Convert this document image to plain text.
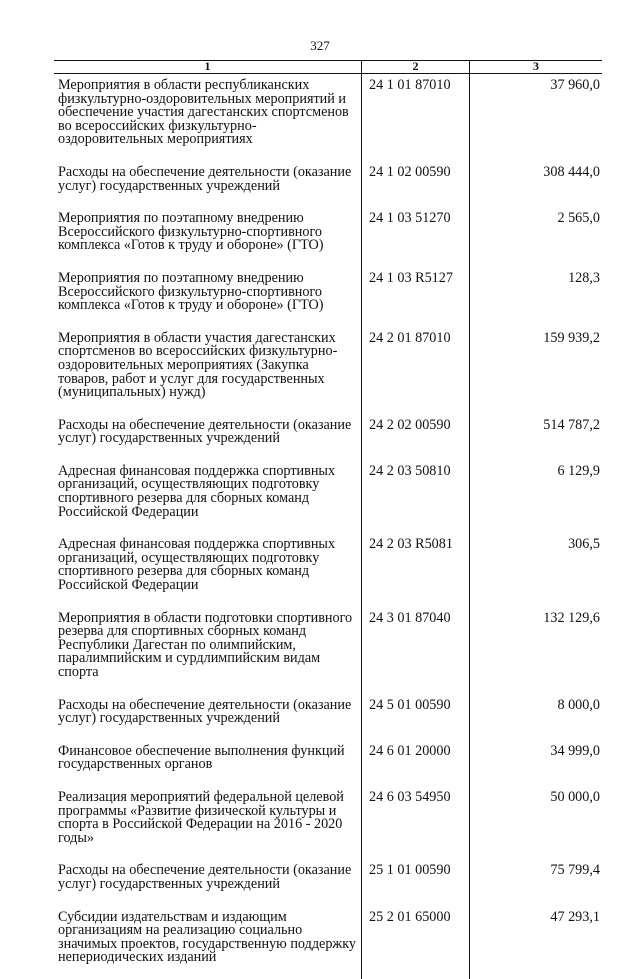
327
1	2	3
Мероприятия в области республиканских физкультурно-оздоровительных мероприятий и обеспечение участия дагестанских спортсменов во всероссийских физкультурно-оздоровительных мероприятиях
24 1 01 87010	37 960,0
Расходы на обеспечение деятельности (оказание услуг) государственных учреждений
24 1 02 00590	308 444,0
Мероприятия по поэтапному внедрению Всероссийского физкультурно-спортивного комплекса «Готов к труду и обороне» (ГТО)
24 1 03 51270	2 565,0
Мероприятия по поэтапному внедрению Всероссийского физкультурно-спортивного комплекса «Готов к труду и обороне» (ГТО)
24 1 03 R5127	128,3
Мероприятия в области участия дагестанских спортсменов во всероссийских физкультурно-оздоровительных мероприятиях (Закупка товаров, работ и услуг для государственных (муниципальных) нужд)
24 2 01 87010	159 939,2
Расходы на обеспечение деятельности (оказание услуг) государственных учреждений
24 2 02 00590	514 787,2
Адресная финансовая поддержка спортивных организаций, осуществляющих подготовку спортивного резерва для сборных команд Российской Федерации
24 2 03 50810	6 129,9
Адресная финансовая поддержка спортивных организаций, осуществляющих подготовку спортивного резерва для сборных команд Российской Федерации
24 2 03 R5081	306,5
Мероприятия в области подготовки спортивного резерва для спортивных сборных команд Республики Дагестан по олимпийским, паралимпийским и сурдлимпийским видам спорта
24 3 01 87040	132 129,6
Расходы на обеспечение деятельности (оказание услуг) государственных учреждений
24 5 01 00590	8 000,0
Финансовое обеспечение выполнения функций государственных органов
24 6 01 20000	34 999,0
Реализация мероприятий федеральной целевой программы «Развитие физической культуры и спорта в Российской Федерации на 2016 - 2020 годы»
24 6 03 54950	50 000,0
Расходы на обеспечение деятельности (оказание услуг) государственных учреждений
25 1 01 00590	75 799,4
Субсидии издательствам и издающим организациям на реализацию социально значимых проектов, государственную поддержку непериодических изданий
25 2 01 65000	47 293,1
